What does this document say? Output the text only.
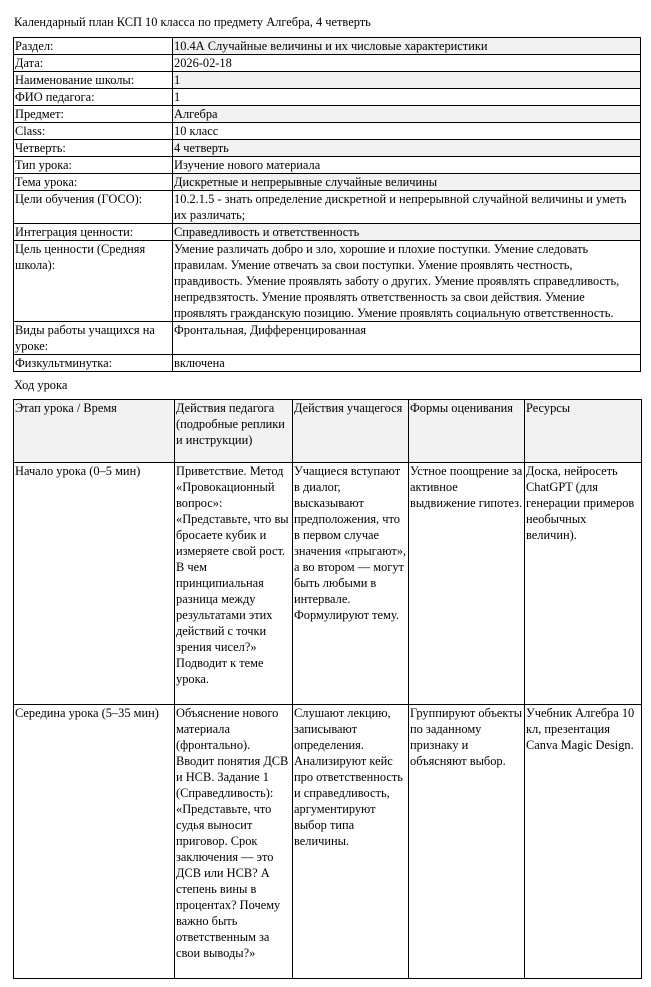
Календарный план КСП 10 класса по предмету Алгебра, 4 четверть
Раздел:	10.4А Случайные величины и их числовые характеристики
Дата:	2026-02-18
Наименование школы:	1
ФИО педагога:	1
Предмет:	Алгебра
Class:	10 класс
Четверть:	4 четверть
Тип урока:	Изучение нового материала
Тема урока:	Дискретные и непрерывные случайные величины
Цели обучения (ГОСО):	10.2.1.5 - знать определение дискретной и непрерывной случайной величины и уметь их различать;
Интеграция ценности:	Справедливость и ответственность
Цель ценности (Средняя школа):	Умение различать добро и зло, хорошие и плохие поступки. Умение следовать правилам. Умение отвечать за свои поступки. Умение проявлять честность, правдивость. Умение проявлять заботу о других. Умение проявлять справедливость, непредвзятость. Умение проявлять ответственность за свои действия. Умение проявлять гражданскую позицию. Умение проявлять социальную ответственность.
Виды работы учащихся на уроке:	Фронтальная, Дифференцированная
Физкультминутка:	включена
Ход урока
Этап урока / Время	Действия педагога (подробные реплики и инструкции)	Действия учащегося	Формы оценивания	Ресурсы
Начало урока (0–5 мин)	Приветствие. Метод «Провокационный вопрос»: «Представьте, что вы бросаете кубик и измеряете свой рост. В чем принципиальная разница между результатами этих действий с точки зрения чисел?» Подводит к теме урока.	Учащиеся вступают в диалог, высказывают предположения, что в первом случае значения «прыгают», а во втором — могут быть любыми в интервале. Формулируют тему.	Устное поощрение за активное выдвижение гипотез.	Доска, нейросеть ChatGPT (для генерации примеров необычных величин).
Середина урока (5–35 мин)	Объяснение нового материала (фронтально). Вводит понятия ДСВ и НСВ. Задание 1 (Справедливость): «Представьте, что судья выносит приговор. Срок заключения — это ДСВ или НСВ? А степень вины в процентах? Почему важно быть ответственным за свои выводы?»	Слушают лекцию, записывают определения. Анализируют кейс про ответственность и справедливость, аргументируют выбор типа величины.	Группируют объекты по заданному признаку и объясняют выбор.	Учебник Алгебра 10 кл, презентация Canva Magic Design.
